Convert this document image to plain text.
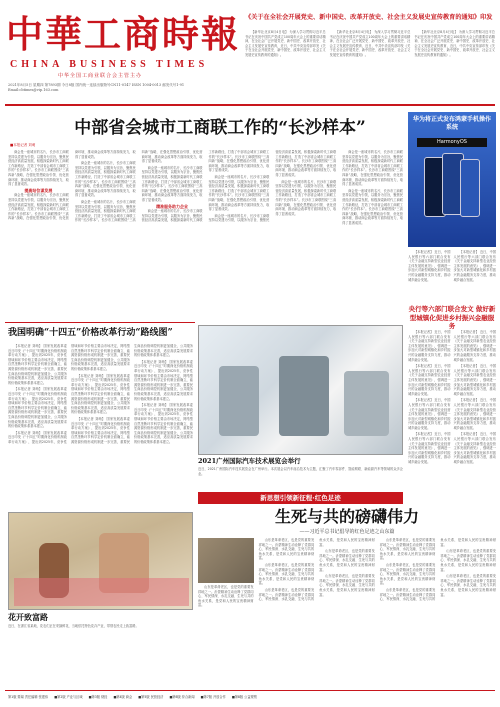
中華工商時報
CHINA BUSINESS TIMES
中华全国工商业联合会主管主办
2021年8月5日 星期四 第7893期 今日8版 国内统一连续出版物号CN11-0147 ISSN 1004-0013 邮发代号1-91 Email:cbtimes@vip.163.com
《关于在全社会开展党史、新中国史、改革开放史、社会主义发展史宣传教育的通知》印发

【新华社北京8月4日电】 为深入学习贯彻习近平总书记在庆祝中国共产党成立100周年大会上的重要讲话精神，在全社会广泛开展党史、新中国史、改革开放史、社会主义发展史宣传教育，近日，中共中央宣传部印发《关于在全社会开展党史、新中国史、改革开放史、社会主义发展史宣传教育的通知》。

【新华社北京8月4日电】 为深入学习贯彻习近平总书记在庆祝中国共产党成立100周年大会上的重要讲话精神，在全社会广泛开展党史、新中国史、改革开放史、社会主义发展史宣传教育，近日，中共中央宣传部印发《关于在全社会开展党史、新中国史、改革开放史、社会主义发展史宣传教育的通知》。

【新华社北京8月4日电】 为深入学习贯彻习近平总书记在庆祝中国共产党成立100周年大会上的重要讲话精神，在全社会广泛开展党史、新中国史、改革开放史、社会主义发展史宣传教育，近日，中共中央宣传部印发《关于在全社会开展党史、新中国史、改革开放史、社会主义发展史宣传教育的通知》。

中部省会城市工商联工作的“长沙样本”
■本报记者 刘萌

商会是一座城市的名片，长沙市工商联坚持以党建为引领，以服务为宗旨，聚焦民营经济高质量发展，积极探索新时代工商联工作新路径，打造了中部省会城市工商联工作的“长沙样本”。长沙市工商联围绕“三高四新”战略，在强化思想政治引领、优化营商环境、推动商会改革等方面持续发力，取得了显著成效。

提高站位谋发展

商会是一座城市的名片，长沙市工商联坚持以党建为引领，以服务为宗旨，聚焦民营经济高质量发展，积极探索新时代工商联工作新路径，打造了中部省会城市工商联工作的“长沙样本”。长沙市工商联围绕“三高四新”战略，在强化思想政治引领、优化营商环境、推动商会改革等方面持续发力，取得了显著成效。

商会是一座城市的名片，长沙市工商联坚持以党建为引领，以服务为宗旨，聚焦民营经济高质量发展，积极探索新时代工商联工作新路径，打造了中部省会城市工商联工作的“长沙样本”。长沙市工商联围绕“三高四新”战略，在强化思想政治引领、优化营商环境、推动商会改革等方面持续发力，取得了显著成效。

商会是一座城市的名片，长沙市工商联坚持以党建为引领，以服务为宗旨，聚焦民营经济高质量发展，积极探索新时代工商联工作新路径，打造了中部省会城市工商联工作的“长沙样本”。长沙市工商联围绕“三高四新”战略，在强化思想政治引领、优化营商环境、推动商会改革等方面持续发力，取得了显著成效。

商会是一座城市的名片，长沙市工商联坚持以党建为引领，以服务为宗旨，聚焦民营经济高质量发展，积极探索新时代工商联工作新路径，打造了中部省会城市工商联工作的“长沙样本”。长沙市工商联围绕“三高四新”战略，在强化思想政治引领、优化营商环境、推动商会改革等方面持续发力，取得了显著成效。

精准服务助力企业

商会是一座城市的名片，长沙市工商联坚持以党建为引领，以服务为宗旨，聚焦民营经济高质量发展，积极探索新时代工商联工作新路径，打造了中部省会城市工商联工作的“长沙样本”。长沙市工商联围绕“三高四新”战略，在强化思想政治引领、优化营商环境、推动商会改革等方面持续发力，取得了显著成效。

商会是一座城市的名片，长沙市工商联坚持以党建为引领，以服务为宗旨，聚焦民营经济高质量发展，积极探索新时代工商联工作新路径，打造了中部省会城市工商联工作的“长沙样本”。长沙市工商联围绕“三高四新”战略，在强化思想政治引领、优化营商环境、推动商会改革等方面持续发力，取得了显著成效。

商会是一座城市的名片，长沙市工商联坚持以党建为引领，以服务为宗旨，聚焦民营经济高质量发展，积极探索新时代工商联工作新路径，打造了中部省会城市工商联工作的“长沙样本”。长沙市工商联围绕“三高四新”战略，在强化思想政治引领、优化营商环境、推动商会改革等方面持续发力，取得了显著成效。

商会是一座城市的名片，长沙市工商联坚持以党建为引领，以服务为宗旨，聚焦民营经济高质量发展，积极探索新时代工商联工作新路径，打造了中部省会城市工商联工作的“长沙样本”。长沙市工商联围绕“三高四新”战略，在强化思想政治引领、优化营商环境、推动商会改革等方面持续发力，取得了显著成效。

商会是一座城市的名片，长沙市工商联坚持以党建为引领，以服务为宗旨，聚焦民营经济高质量发展，积极探索新时代工商联工作新路径，打造了中部省会城市工商联工作的“长沙样本”。长沙市工商联围绕“三高四新”战略，在强化思想政治引领、优化营商环境、推动商会改革等方面持续发力，取得了显著成效。

商会是一座城市的名片，长沙市工商联坚持以党建为引领，以服务为宗旨，聚焦民营经济高质量发展，积极探索新时代工商联工作新路径，打造了中部省会城市工商联工作的“长沙样本”。长沙市工商联围绕“三高四新”战略，在强化思想政治引领、优化营商环境、推动商会改革等方面持续发力，取得了显著成效。

华为将正式发布鸿蒙手机操作系统
HarmonyOS

【本报记者】 近日，中国人民银行等六部门联合发布《关于金融支持新型农业经营主体发展的意见》，强调进一步加大对新型城镇化和乡村振兴的金融服务支持力度，推动城乡融合发展。

【本报记者】 近日，中国人民银行等六部门联合发布《关于金融支持新型农业经营主体发展的意见》，强调进一步加大对新型城镇化和乡村振兴的金融服务支持力度，推动城乡融合发展。

央行等六部门联合发文 做好新型城镇化促进乡村振兴金融服务

【本报记者】 近日，中国人民银行等六部门联合发布《关于金融支持新型农业经营主体发展的意见》，强调进一步加大对新型城镇化和乡村振兴的金融服务支持力度，推动城乡融合发展。

【本报记者】 近日，中国人民银行等六部门联合发布《关于金融支持新型农业经营主体发展的意见》，强调进一步加大对新型城镇化和乡村振兴的金融服务支持力度，推动城乡融合发展。

【本报记者】 近日，中国人民银行等六部门联合发布《关于金融支持新型农业经营主体发展的意见》，强调进一步加大对新型城镇化和乡村振兴的金融服务支持力度，推动城乡融合发展。

【本报记者】 近日，中国人民银行等六部门联合发布《关于金融支持新型农业经营主体发展的意见》，强调进一步加大对新型城镇化和乡村振兴的金融服务支持力度，推动城乡融合发展。

【本报记者】 近日，中国人民银行等六部门联合发布《关于金融支持新型农业经营主体发展的意见》，强调进一步加大对新型城镇化和乡村振兴的金融服务支持力度，推动城乡融合发展。

【本报记者】 近日，中国人民银行等六部门联合发布《关于金融支持新型农业经营主体发展的意见》，强调进一步加大对新型城镇化和乡村振兴的金融服务支持力度，推动城乡融合发展。

【本报记者】 近日，中国人民银行等六部门联合发布《关于金融支持新型农业经营主体发展的意见》，强调进一步加大对新型城镇化和乡村振兴的金融服务支持力度，推动城乡融合发展。

【本报记者】 近日，中国人民银行等六部门联合发布《关于金融支持新型农业经营主体发展的意见》，强调进一步加大对新型城镇化和乡村振兴的金融服务支持力度，推动城乡融合发展。

我国明确“十四五”价格改革行动“路线图”

【本报记者 刘萌】 国家发展改革委近日印发《“十四五”时期深化价格机制改革行动方案》，提出到2025年，竞争性领域和环节价格主要由市场决定，网络型自然垄断环节科学定价机制全面确立，能源资源价格形成机制进一步完善，重要民生商品价格调控机制更加健全，公共服务价格政策基本完善，适应高质量发展要求的价格政策体系基本建立。

【本报记者 刘萌】 国家发展改革委近日印发《“十四五”时期深化价格机制改革行动方案》，提出到2025年，竞争性领域和环节价格主要由市场决定，网络型自然垄断环节科学定价机制全面确立，能源资源价格形成机制进一步完善，重要民生商品价格调控机制更加健全，公共服务价格政策基本完善，适应高质量发展要求的价格政策体系基本建立。

【本报记者 刘萌】 国家发展改革委近日印发《“十四五”时期深化价格机制改革行动方案》，提出到2025年，竞争性领域和环节价格主要由市场决定，网络型自然垄断环节科学定价机制全面确立，能源资源价格形成机制进一步完善，重要民生商品价格调控机制更加健全，公共服务价格政策基本完善，适应高质量发展要求的价格政策体系基本建立。

【本报记者 刘萌】 国家发展改革委近日印发《“十四五”时期深化价格机制改革行动方案》，提出到2025年，竞争性领域和环节价格主要由市场决定，网络型自然垄断环节科学定价机制全面确立，能源资源价格形成机制进一步完善，重要民生商品价格调控机制更加健全，公共服务价格政策基本完善，适应高质量发展要求的价格政策体系基本建立。

【本报记者 刘萌】 国家发展改革委近日印发《“十四五”时期深化价格机制改革行动方案》，提出到2025年，竞争性领域和环节价格主要由市场决定，网络型自然垄断环节科学定价机制全面确立，能源资源价格形成机制进一步完善，重要民生商品价格调控机制更加健全，公共服务价格政策基本完善，适应高质量发展要求的价格政策体系基本建立。

【本报记者 刘萌】 国家发展改革委近日印发《“十四五”时期深化价格机制改革行动方案》，提出到2025年，竞争性领域和环节价格主要由市场决定，网络型自然垄断环节科学定价机制全面确立，能源资源价格形成机制进一步完善，重要民生商品价格调控机制更加健全，公共服务价格政策基本完善，适应高质量发展要求的价格政策体系基本建立。

【本报记者 刘萌】 国家发展改革委近日印发《“十四五”时期深化价格机制改革行动方案》，提出到2025年，竞争性领域和环节价格主要由市场决定，网络型自然垄断环节科学定价机制全面确立，能源资源价格形成机制进一步完善，重要民生商品价格调控机制更加健全，公共服务价格政策基本完善，适应高质量发展要求的价格政策体系基本建立。

2021广州国际汽车技术展览会举行
近日，2021广州国际汽车技术展览会在广州举行。本次展会以汽车前沿技术为主题，汇聚了汽车零部件、智能网联、新能源汽车等领域的众多企业。
新思想引领新征程·红色足迹
生死与共的磅礴伟力
——习近平总书记倡导的红色足迹之山东篇

山东是革命老区，也是党的重要发祥地之一。沂蒙精神生动诠释了党群同心、军民情深、水乳交融、生死与共的鱼水关系，是党和人民的宝贵精神财富。

山东是革命老区，也是党的重要发祥地之一。沂蒙精神生动诠释了党群同心、军民情深、水乳交融、生死与共的鱼水关系，是党和人民的宝贵精神财富。

山东是革命老区，也是党的重要发祥地之一。沂蒙精神生动诠释了党群同心、军民情深、水乳交融、生死与共的鱼水关系，是党和人民的宝贵精神财富。

山东是革命老区，也是党的重要发祥地之一。沂蒙精神生动诠释了党群同心、军民情深、水乳交融、生死与共的鱼水关系，是党和人民的宝贵精神财富。

山东是革命老区，也是党的重要发祥地之一。沂蒙精神生动诠释了党群同心、军民情深、水乳交融、生死与共的鱼水关系，是党和人民的宝贵精神财富。

山东是革命老区，也是党的重要发祥地之一。沂蒙精神生动诠释了党群同心、军民情深、水乳交融、生死与共的鱼水关系，是党和人民的宝贵精神财富。

山东是革命老区，也是党的重要发祥地之一。沂蒙精神生动诠释了党群同心、军民情深、水乳交融、生死与共的鱼水关系，是党和人民的宝贵精神财富。

山东是革命老区，也是党的重要发祥地之一。沂蒙精神生动诠释了党群同心、军民情深、水乳交融、生死与共的鱼水关系，是党和人民的宝贵精神财富。

山东是革命老区，也是党的重要发祥地之一。沂蒙精神生动诠释了党群同心、军民情深、水乳交融、生死与共的鱼水关系，是党和人民的宝贵精神财富。

山东是革命老区，也是党的重要发祥地之一。沂蒙精神生动诠释了党群同心、军民情深、水乳交融、生死与共的鱼水关系，是党和人民的宝贵精神财富。

山东是革命老区，也是党的重要发祥地之一。沂蒙精神生动诠释了党群同心、军民情深、水乳交融、生死与共的鱼水关系，是党和人民的宝贵精神财富。

花开致富路
近日，在浙江省某地，花农们正在采摘鲜花，当地依托特色花卉产业，带领农民走上致富路。
第1版 要闻 责任编辑 张建伟 ■第2版 产业与区域 ■第3版 财经 ■第4版 商会 ■第5版 民营经济 ■第6版 综合新闻 ■第7版 开放合作 ■第8版 公益观察
